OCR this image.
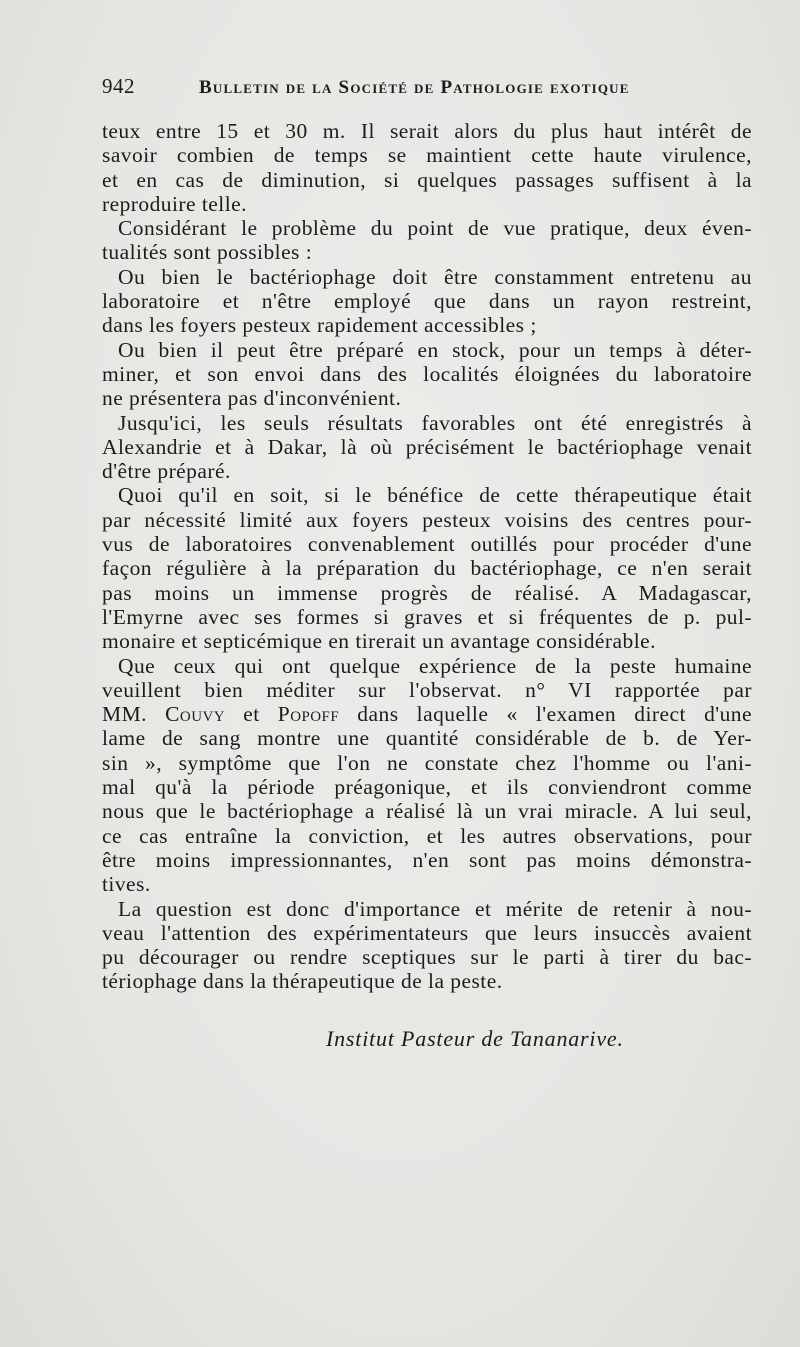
942	Bulletin de la Société de Pathologie exotique
teux entre 15 et 30 m. Il serait alors du plus haut intérêt de
savoir combien de temps se maintient cette haute virulence,
et en cas de diminution, si quelques passages suffisent à la
reproduire telle.
Considérant le problème du point de vue pratique, deux éven-
tualités sont possibles :
Ou bien le bactériophage doit être constamment entretenu au
laboratoire et n'être employé que dans un rayon restreint,
dans les foyers pesteux rapidement accessibles ;
Ou bien il peut être préparé en stock, pour un temps à déter-
miner, et son envoi dans des localités éloignées du laboratoire
ne présentera pas d'inconvénient.
Jusqu'ici, les seuls résultats favorables ont été enregistrés à
Alexandrie et à Dakar, là où précisément le bactériophage venait
d'être préparé.
Quoi qu'il en soit, si le bénéfice de cette thérapeutique était
par nécessité limité aux foyers pesteux voisins des centres pour-
vus de laboratoires convenablement outillés pour procéder d'une
façon régulière à la préparation du bactériophage, ce n'en serait
pas moins un immense progrès de réalisé. A Madagascar,
l'Emyrne avec ses formes si graves et si fréquentes de p. pul-
monaire et septicémique en tirerait un avantage considérable.
Que ceux qui ont quelque expérience de la peste humaine
veuillent bien méditer sur l'observat. n° VI rapportée par
MM. Couvy et Popoff dans laquelle « l'examen direct d'une
lame de sang montre une quantité considérable de b. de Yer-
sin », symptôme que l'on ne constate chez l'homme ou l'ani-
mal qu'à la période préagonique, et ils conviendront comme
nous que le bactériophage a réalisé là un vrai miracle. A lui seul,
ce cas entraîne la conviction, et les autres observations, pour
être moins impressionnantes, n'en sont pas moins démonstra-
tives.
La question est donc d'importance et mérite de retenir à nou-
veau l'attention des expérimentateurs que leurs insuccès avaient
pu décourager ou rendre sceptiques sur le parti à tirer du bac-
tériophage dans la thérapeutique de la peste.
Institut Pasteur de Tananarive.
